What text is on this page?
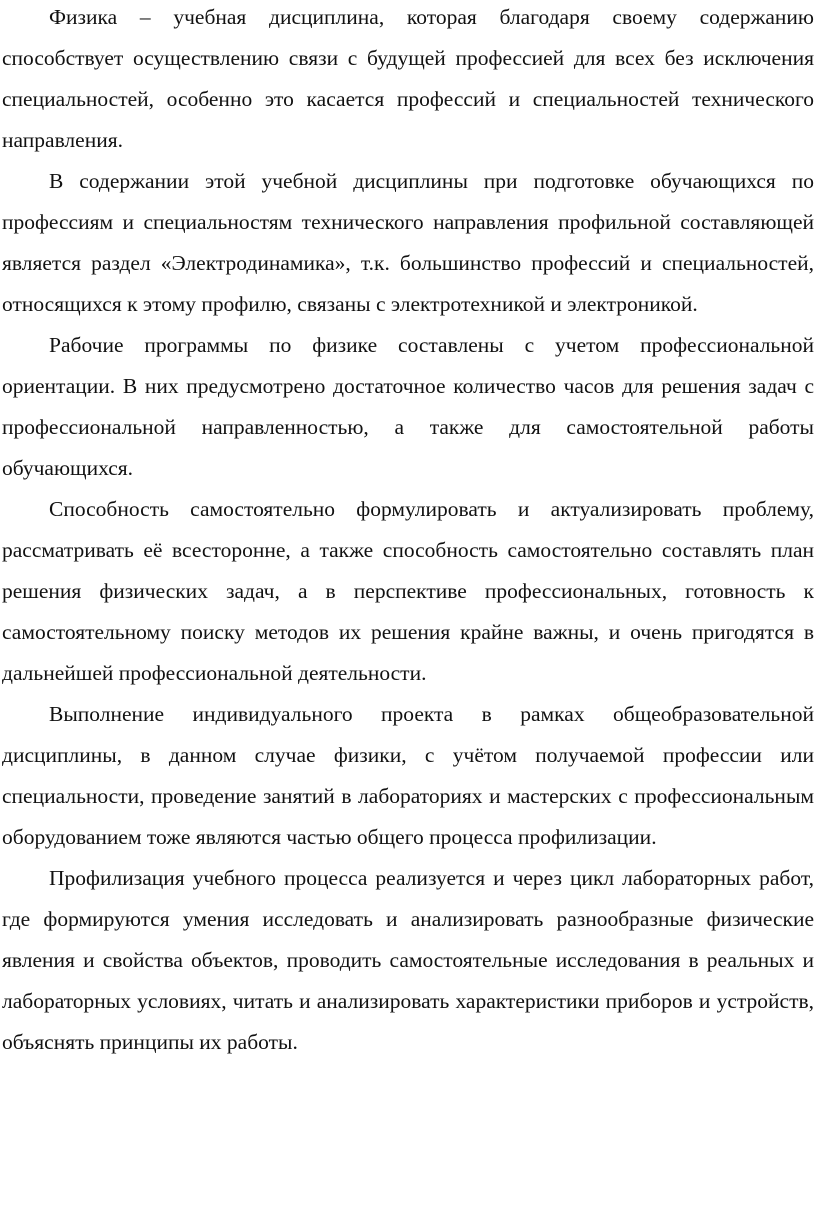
Физика – учебная дисциплина, которая благодаря своему содержанию способствует осуществлению связи с будущей профессией для всех без исключения специальностей, особенно это касается профессий и специальностей технического направления.

В содержании этой учебной дисциплины при подготовке обучающихся по профессиям и специальностям технического направления профильной составляющей является раздел «Электродинамика», т.к. большинство профессий и специальностей, относящихся к этому профилю, связаны с электротехникой и электроникой.

Рабочие программы по физике составлены с учетом профессиональной ориентации. В них предусмотрено достаточное количество часов для решения задач с профессиональной направленностью, а также для самостоятельной работы обучающихся.

Способность самостоятельно формулировать и актуализировать проблему, рассматривать её всесторонне, а также способность самостоятельно составлять план решения физических задач, а в перспективе профессиональных, готовность к самостоятельному поиску методов их решения крайне важны, и очень пригодятся в дальнейшей профессиональной деятельности.

Выполнение индивидуального проекта в рамках общеобразовательной дисциплины, в данном случае физики, с учётом получаемой профессии или специальности, проведение занятий в лабораториях и мастерских с профессиональным оборудованием тоже являются частью общего процесса профилизации.

Профилизация учебного процесса реализуется и через цикл лабораторных работ, где формируются умения исследовать и анализировать разнообразные физические явления и свойства объектов, проводить самостоятельные исследования в реальных и лабораторных условиях, читать и анализировать характеристики приборов и устройств, объяснять принципы их работы.
